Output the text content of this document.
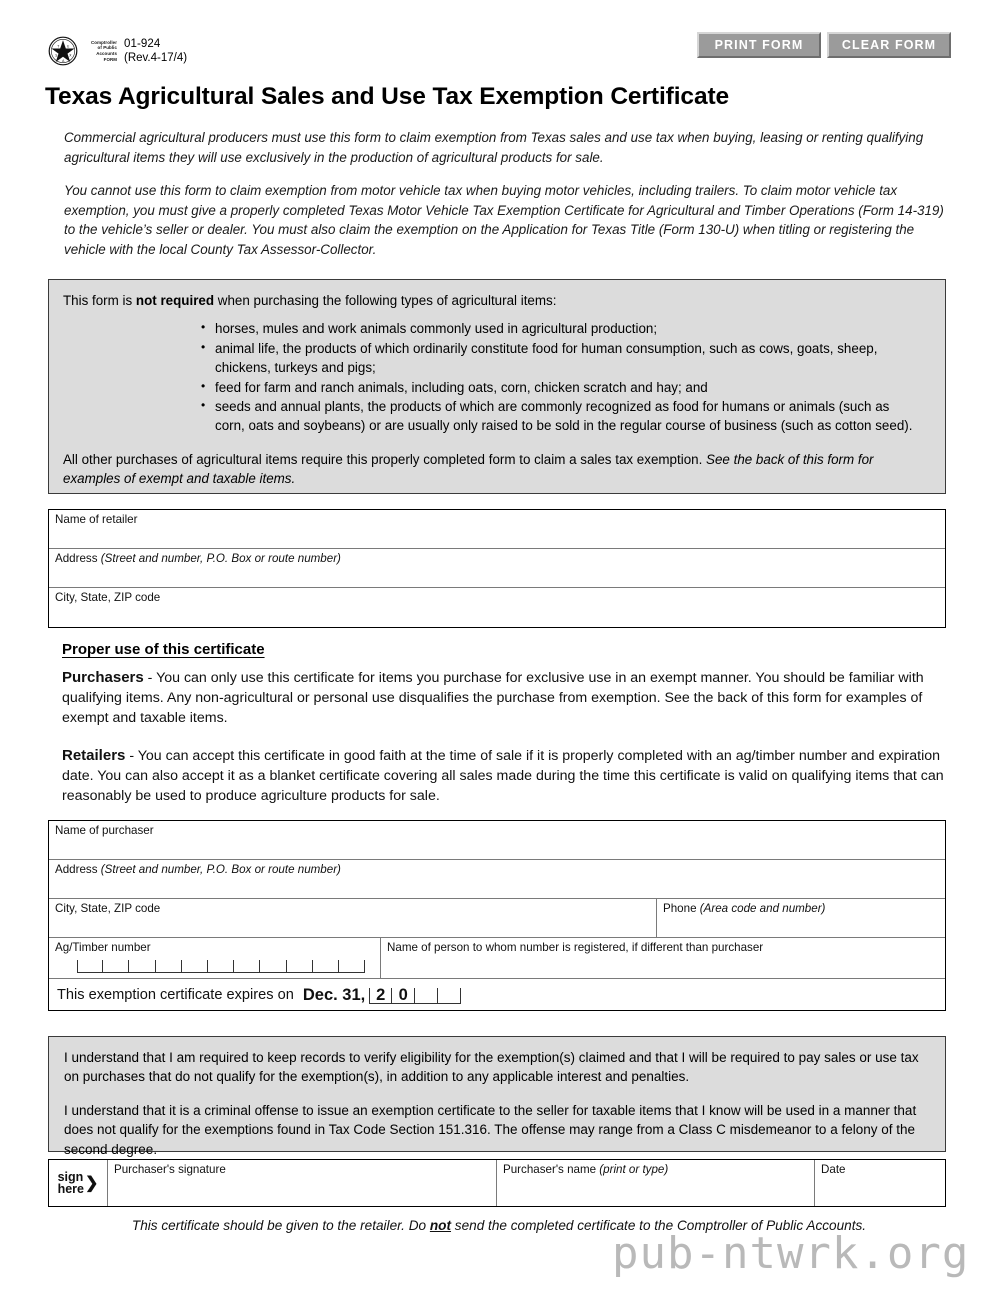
T E
S X
A
Comptroller
of Public
Accounts
FORM
01-924
(Rev.4-17/4)
PRINT FORM	CLEAR FORM
Texas Agricultural Sales and Use Tax Exemption Certificate
Commercial agricultural producers must use this form to claim exemption from Texas sales and use tax when buying, leasing or renting qualifying agricultural items they will use exclusively in the production of agricultural products for sale.
You cannot use this form to claim exemption from motor vehicle tax when buying motor vehicles, including trailers. To claim motor vehicle tax exemption, you must give a properly completed Texas Motor Vehicle Tax Exemption Certificate for Agricultural and Timber Operations (Form 14-319) to the vehicle’s seller or dealer. You must also claim the exemption on the Application for Texas Title (Form 130-U) when titling or registering the vehicle with the local County Tax Assessor-Collector.
This form is not required when purchasing the following types of agricultural items:
• horses, mules and work animals commonly used in agricultural production;
• animal life, the products of which ordinarily constitute food for human consumption, such as cows, goats, sheep, chickens, turkeys and pigs;
• feed for farm and ranch animals, including oats, corn, chicken scratch and hay; and
• seeds and annual plants, the products of which are commonly recognized as food for humans or animals (such as corn, oats and soybeans) or are usually only raised to be sold in the regular course of business (such as cotton seed).
All other purchases of agricultural items require this properly completed form to claim a sales tax exemption. See the back of this form for examples of exempt and taxable items.
Name of retailer
Address (Street and number, P.O. Box or route number)
City, State, ZIP code
Proper use of this certificate
Purchasers - You can only use this certificate for items you purchase for exclusive use in an exempt manner. You should be familiar with qualifying items. Any non-agricultural or personal use disqualifies the purchase from exemption. See the back of this form for examples of exempt and taxable items.
Retailers - You can accept this certificate in good faith at the time of sale if it is properly completed with an ag/timber number and expiration date. You can also accept it as a blanket certificate covering all sales made during the time this certificate is valid on qualifying items that can reasonably be used to produce agriculture products for sale.
Name of purchaser
Address (Street and number, P.O. Box or route number)
City, State, ZIP code	Phone (Area code and number)
Ag/Timber number	Name of person to whom number is registered, if different than purchaser
This exemption certificate expires on Dec. 31, 2 0

I understand that I am required to keep records to verify eligibility for the exemption(s) claimed and that I will be required to pay sales or use tax on purchases that do not qualify for the exemption(s), in addition to any applicable interest and penalties.

I understand that it is a criminal offense to issue an exemption certificate to the seller for taxable items that I know will be used in a manner that does not qualify for the exemptions found in Tax Code Section 151.316. The offense may range from a Class C misdemeanor to a felony of the second degree.

sign
here ❯
Purchaser's signature	Purchaser's name (print or type)	Date
This certificate should be given to the retailer. Do not send the completed certificate to the Comptroller of Public Accounts.
pub-ntwrk.org
